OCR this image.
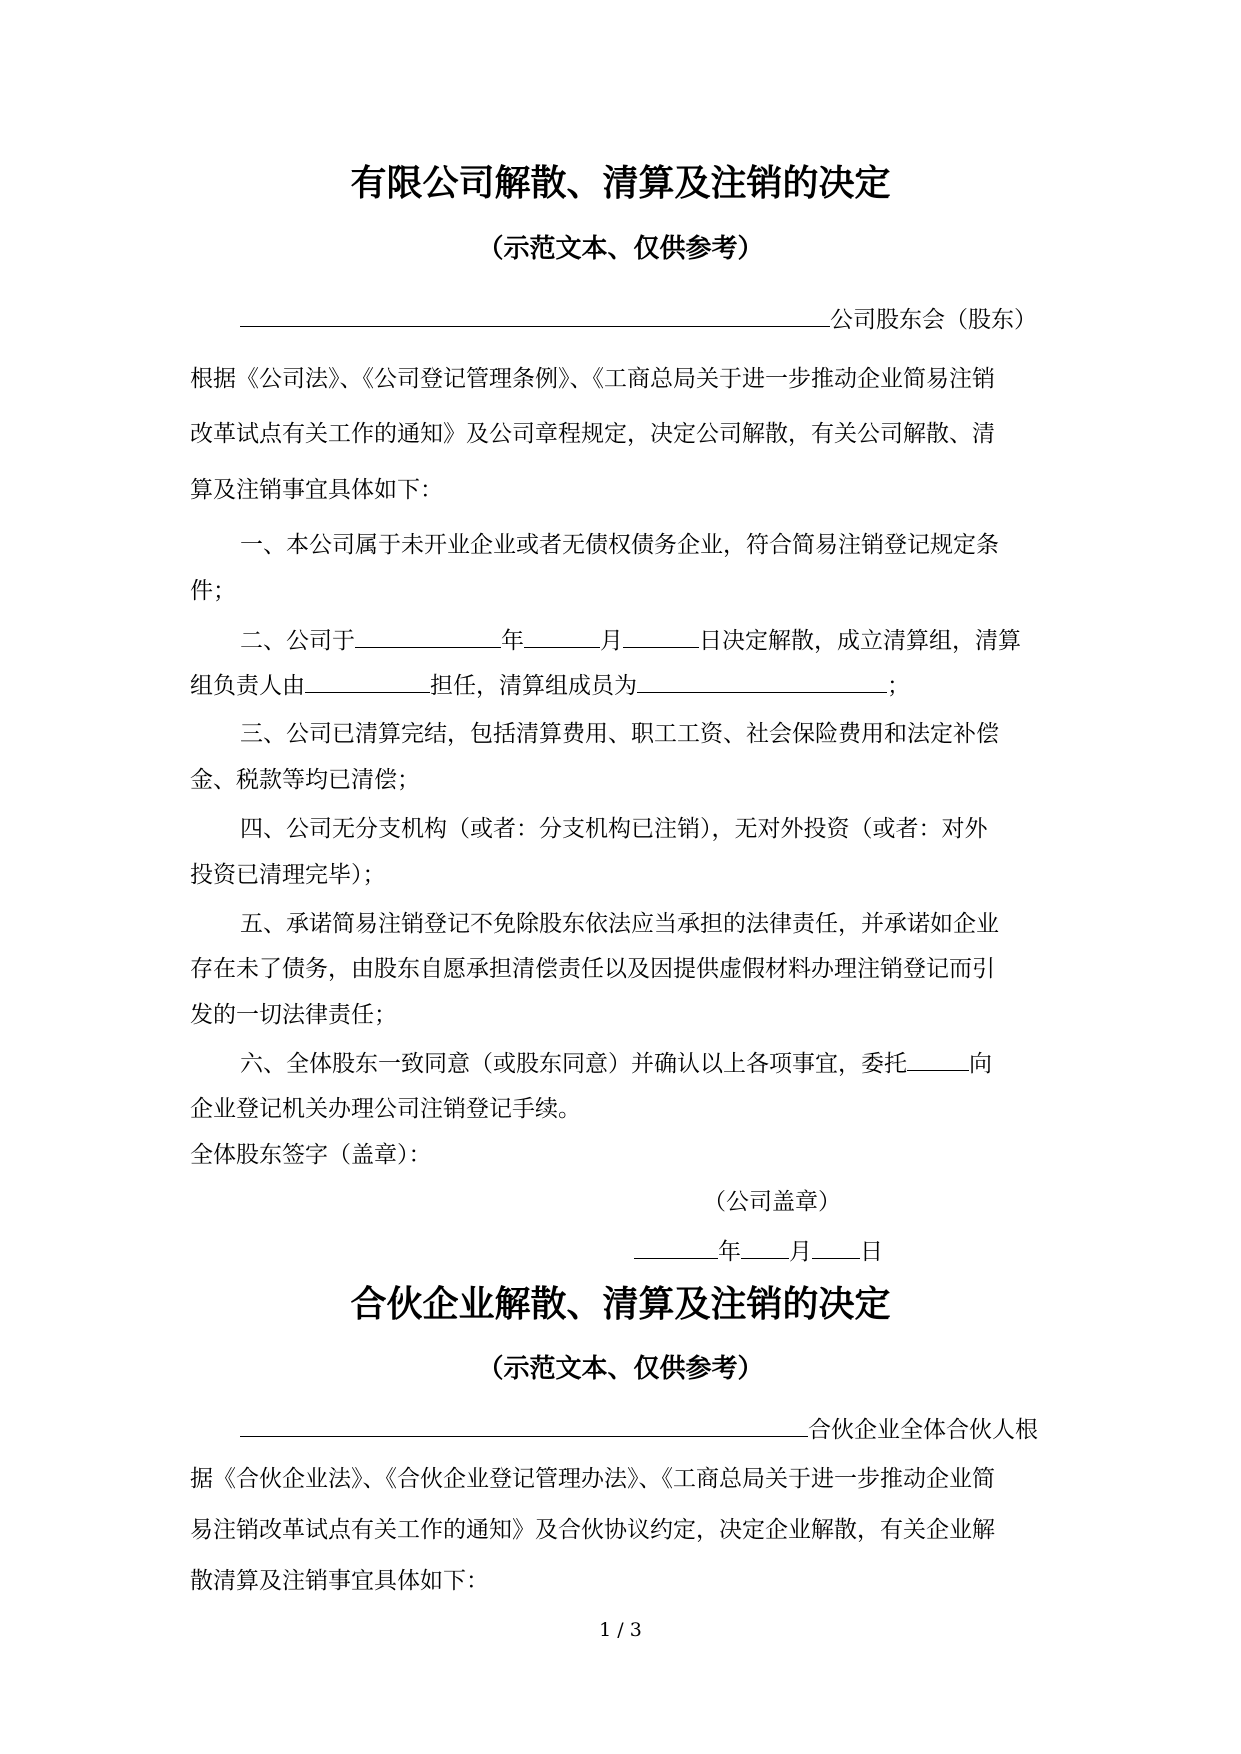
有限公司解散、清算及注销的决定
（示范文本、仅供参考）

公司股东会（股东）

根据《公司法》、《公司登记管理条例》、《工商总局关于进一步推动企业简易注销

改革试点有关工作的通知》及公司章程规定，决定公司解散，有关公司解散、清

算及注销事宜具体如下：

一、本公司属于未开业企业或者无债权债务企业，符合简易注销登记规定条

件；

二、公司于	年	月	日决定解散，成立清算组，清算

组负责人由	担任，清算组成员为	；

三、公司已清算完结，包括清算费用、职工工资、社会保险费用和法定补偿

金、税款等均已清偿；

四、公司无分支机构（或者：分支机构已注销），无对外投资（或者：对外

投资已清理完毕）；

五、承诺简易注销登记不免除股东依法应当承担的法律责任，并承诺如企业

存在未了债务，由股东自愿承担清偿责任以及因提供虚假材料办理注销登记而引

发的一切法律责任；

六、全体股东一致同意（或股东同意）并确认以上各项事宜，委托	向

企业登记机关办理公司注销登记手续。

全体股东签字（盖章）：

（公司盖章）

年 月 日

合伙企业解散、清算及注销的决定
（示范文本、仅供参考）

合伙企业全体合伙人根

据《合伙企业法》、《合伙企业登记管理办法》、《工商总局关于进一步推动企业简

易注销改革试点有关工作的通知》及合伙协议约定，决定企业解散，有关企业解

散清算及注销事宜具体如下：

1 / 3
